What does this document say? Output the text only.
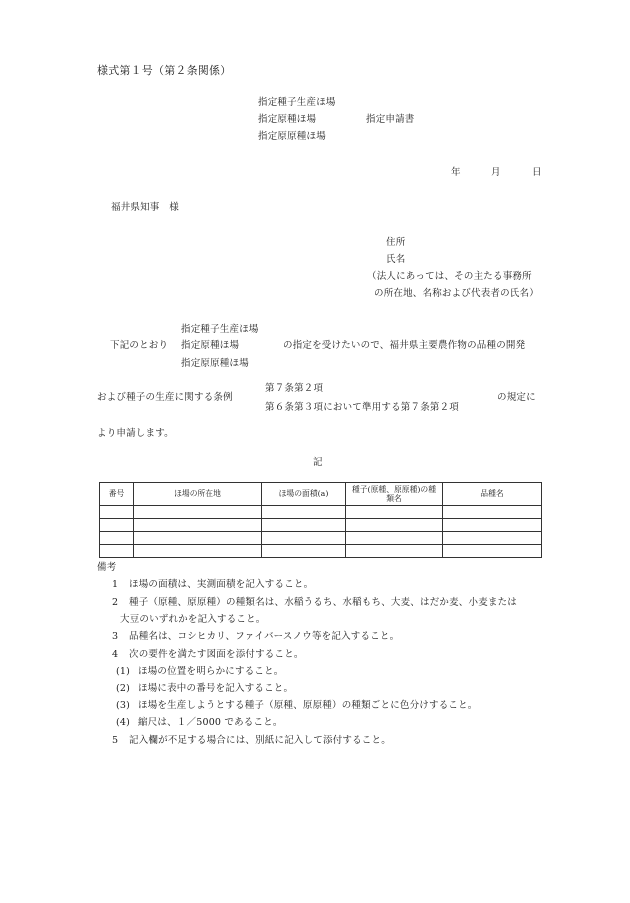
様式第１号（第２条関係）
指定種子生産ほ場
指定原種ほ場	指定申請書
指定原原種ほ場
年	月	日
福井県知事　様
住所
氏名
（法人にあっては、その主たる事務所
の所在地、名称および代表者の氏名）
指定種子生産ほ場
下記のとおり 指定原種ほ場	の指定を受けたいので、福井県主要農作物の品種の開発
指定原原種ほ場
第７条第２項
および種子の生産に関する条例	の規定に
第６条第３項において準用する第７条第２項
より申請します。
記
番号	ほ場の所在地	ほ場の面積(a)	種子(原種、原原種)の種類名	品種名

備考
1 ほ場の面積は、実測面積を記入すること。
2 種子（原種、原原種）の種類名は、水稲うるち、水稲もち、大麦、はだか麦、小麦または
大豆のいずれかを記入すること。
3 品種名は、コシヒカリ、ファイバースノウ等を記入すること。
4 次の要件を満たす図面を添付すること。
(1) ほ場の位置を明らかにすること。
(2) ほ場に表中の番号を記入すること。
(3) ほ場を生産しようとする種子（原種、原原種）の種類ごとに色分けすること。
(4) 縮尺は、１／5000 であること。
5 記入欄が不足する場合には、別紙に記入して添付すること。
